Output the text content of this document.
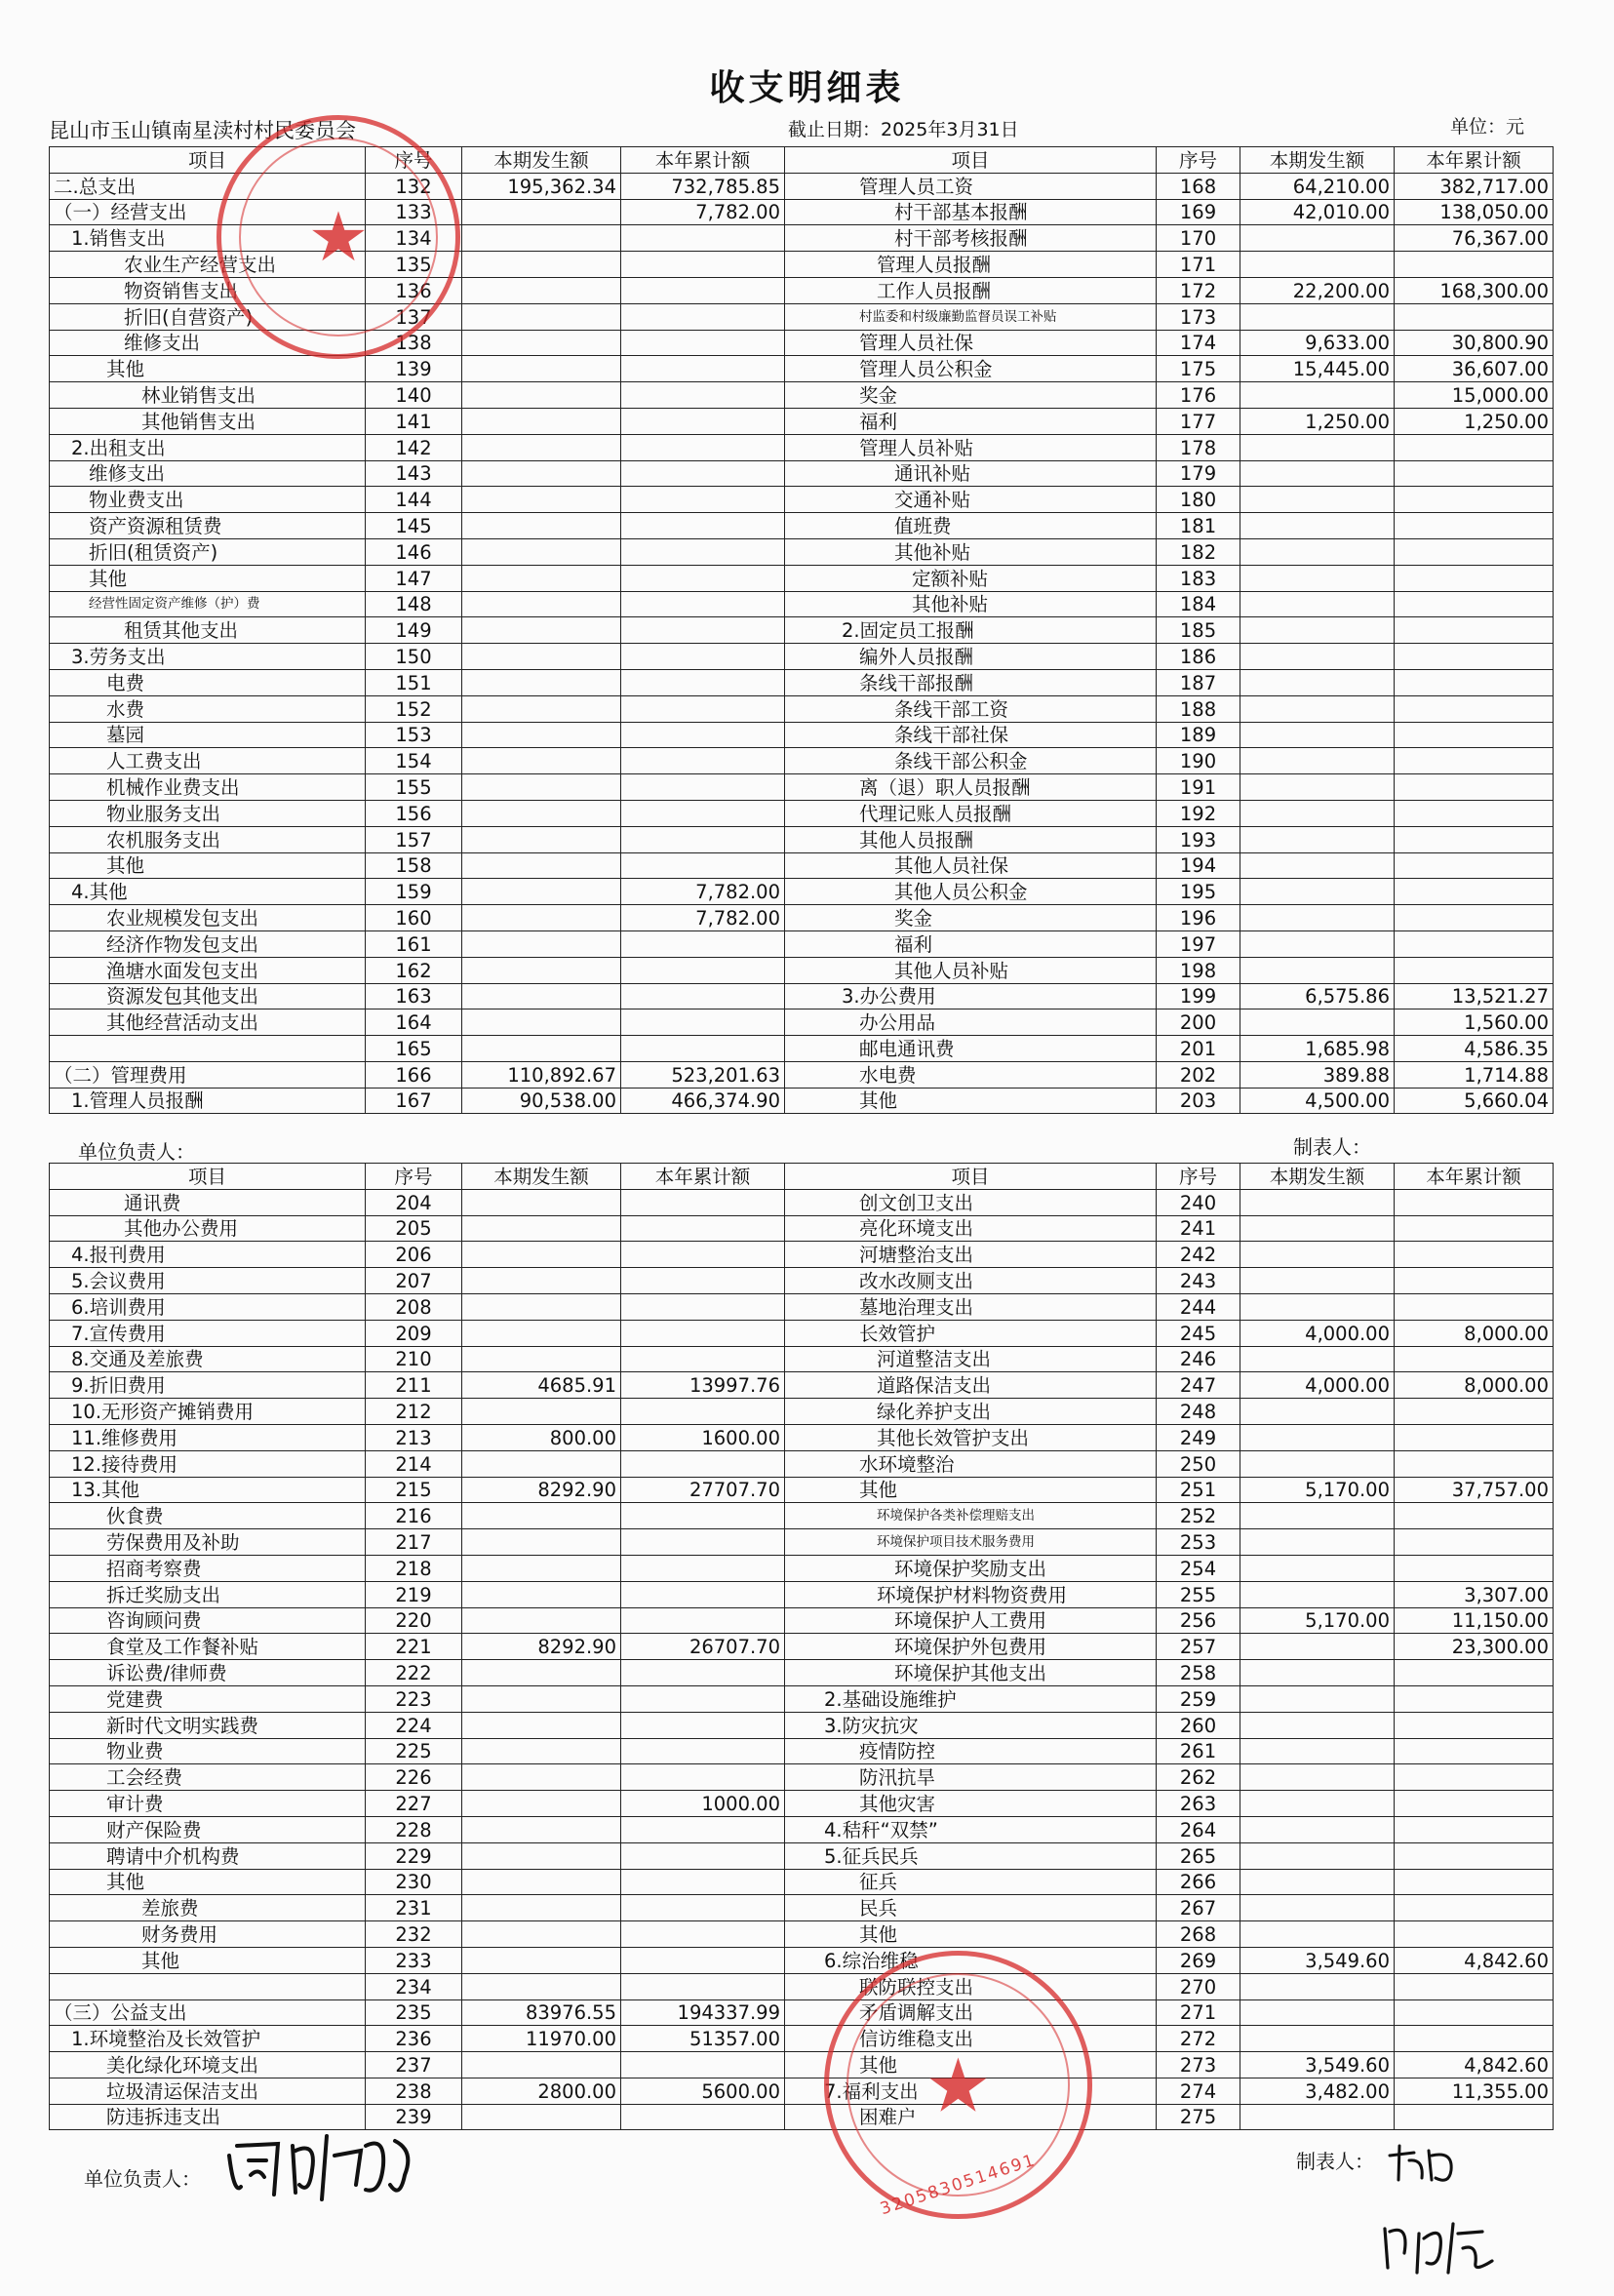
收支明细表
昆山市玉山镇南星渎村村民委员会	截止日期：2025年3月31日	单位：元
项目	序号	本期发生额	本年累计额	项目	序号	本期发生额	本年累计额
二.总支出	132	195,362.34	732,785.85	管理人员工资	168	64,210.00	382,717.00
（一）经营支出	133		7,782.00	村干部基本报酬	169	42,010.00	138,050.00
1.销售支出	134			村干部考核报酬	170		76,367.00
农业生产经营支出	135			管理人员报酬	171		
物资销售支出	136			工作人员报酬	172	22,200.00	168,300.00
折旧(自营资产)	137			村监委和村级廉勤监督员误工补贴	173		
维修支出	138			管理人员社保	174	9,633.00	30,800.90
其他	139			管理人员公积金	175	15,445.00	36,607.00
林业销售支出	140			奖金	176		15,000.00
其他销售支出	141			福利	177	1,250.00	1,250.00
2.出租支出	142			管理人员补贴	178		
维修支出	143			通讯补贴	179		
物业费支出	144			交通补贴	180		
资产资源租赁费	145			值班费	181		
折旧(租赁资产)	146			其他补贴	182		
其他	147			定额补贴	183		
经营性固定资产维修（护）费	148			其他补贴	184		
租赁其他支出	149			2.固定员工报酬	185		
3.劳务支出	150			编外人员报酬	186		
电费	151			条线干部报酬	187		
水费	152			条线干部工资	188		
墓园	153			条线干部社保	189		
人工费支出	154			条线干部公积金	190		
机械作业费支出	155			离（退）职人员报酬	191		
物业服务支出	156			代理记账人员报酬	192		
农机服务支出	157			其他人员报酬	193		
其他	158			其他人员社保	194		
4.其他	159		7,782.00	其他人员公积金	195		
农业规模发包支出	160		7,782.00	奖金	196		
经济作物发包支出	161			福利	197		
渔塘水面发包支出	162			其他人员补贴	198		
资源发包其他支出	163			3.办公费用	199	6,575.86	13,521.27
其他经营活动支出	164			办公用品	200		1,560.00
	165			邮电通讯费	201	1,685.98	4,586.35
（二）管理费用	166	110,892.67	523,201.63	水电费	202	389.88	1,714.88
1.管理人员报酬	167	90,538.00	466,374.90	其他	203	4,500.00	5,660.04
单位负责人：	制表人：
项目	序号	本期发生额	本年累计额	项目	序号	本期发生额	本年累计额
通讯费	204			创文创卫支出	240		
其他办公费用	205			亮化环境支出	241		
4.报刊费用	206			河塘整治支出	242		
5.会议费用	207			改水改厕支出	243		
6.培训费用	208			墓地治理支出	244		
7.宣传费用	209			长效管护	245	4,000.00	8,000.00
8.交通及差旅费	210			河道整洁支出	246		
9.折旧费用	211	4685.91	13997.76	道路保洁支出	247	4,000.00	8,000.00
10.无形资产摊销费用	212			绿化养护支出	248		
11.维修费用	213	800.00	1600.00	其他长效管护支出	249		
12.接待费用	214			水环境整治	250		
13.其他	215	8292.90	27707.70	其他	251	5,170.00	37,757.00
伙食费	216			环境保护各类补偿理赔支出	252		
劳保费用及补助	217			环境保护项目技术服务费用	253		
招商考察费	218			环境保护奖励支出	254		
拆迁奖励支出	219			环境保护材料物资费用	255		3,307.00
咨询顾问费	220			环境保护人工费用	256	5,170.00	11,150.00
食堂及工作餐补贴	221	8292.90	26707.70	环境保护外包费用	257		23,300.00
诉讼费/律师费	222			环境保护其他支出	258		
党建费	223			2.基础设施维护	259		
新时代文明实践费	224			3.防灾抗灾	260		
物业费	225			疫情防控	261		
工会经费	226			防汛抗旱	262		
审计费	227		1000.00	其他灾害	263		
财产保险费	228			4.秸秆“双禁”	264		
聘请中介机构费	229			5.征兵民兵	265		
其他	230			征兵	266		
差旅费	231			民兵	267		
财务费用	232			其他	268		
其他	233			6.综治维稳	269	3,549.60	4,842.60
	234			联防联控支出	270		
（三）公益支出	235	83976.55	194337.99	矛盾调解支出	271		
1.环境整治及长效管护	236	11970.00	51357.00	信访维稳支出	272		
美化绿化环境支出	237			其他	273	3,549.60	4,842.60
垃圾清运保洁支出	238	2800.00	5600.00	7.福利支出	274	3,482.00	11,355.00
防违拆违支出	239			困难户	275		
单位负责人：
制表人：
★
★
3205830514691
